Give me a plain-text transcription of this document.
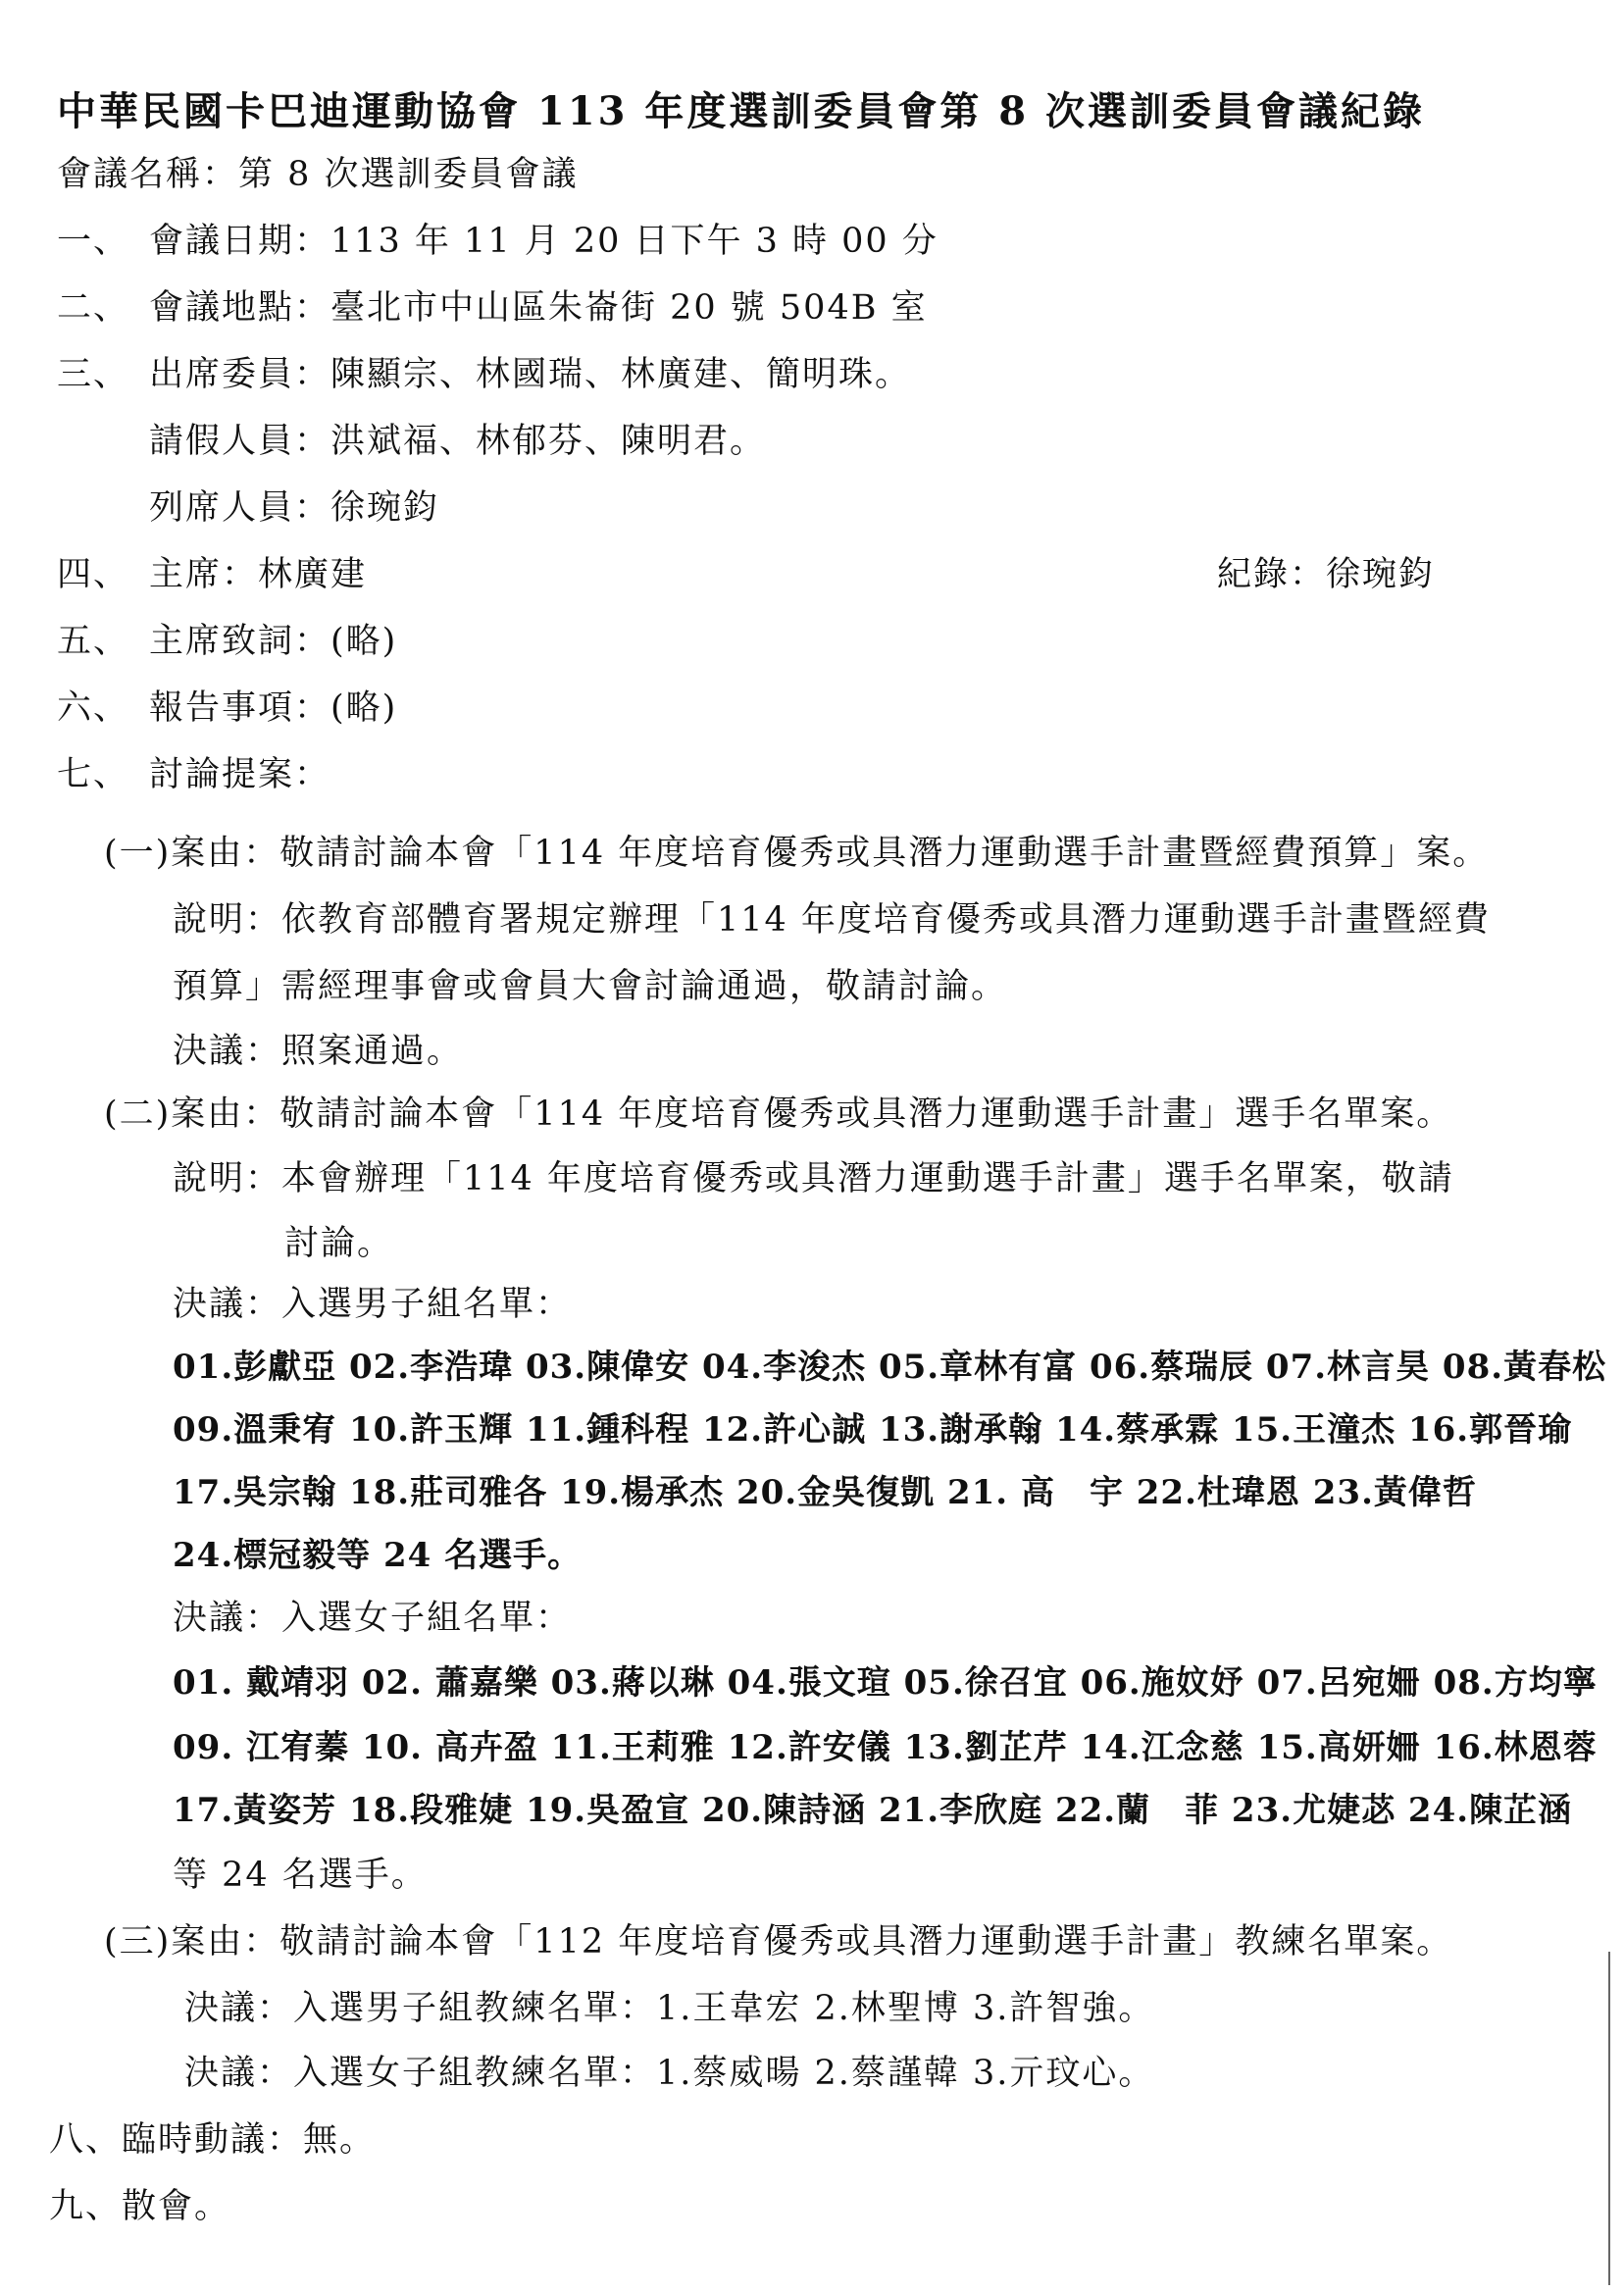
中華民國卡巴迪運動協會 113 年度選訓委員會第 8 次選訓委員會議紀錄
會議名稱：第 8 次選訓委員會議
一、 會議日期：113 年 11 月 20 日下午 3 時 00 分
二、 會議地點：臺北市中山區朱崙街 20 號 504B 室
三、 出席委員：陳顯宗、林國瑞、林廣建、簡明珠。
請假人員：洪斌福、林郁芬、陳明君。
列席人員：徐琬鈞
四、 主席：林廣建	紀錄：徐琬鈞
五、 主席致詞：(略)
六、 報告事項：(略)
七、 討論提案：
(一)案由：敬請討論本會「114 年度培育優秀或具潛力運動選手計畫暨經費預算」案。
說明：依教育部體育署規定辦理「114 年度培育優秀或具潛力運動選手計畫暨經費
預算」需經理事會或會員大會討論通過，敬請討論。
決議：照案通過。
(二)案由：敬請討論本會「114 年度培育優秀或具潛力運動選手計畫」選手名單案。
說明：本會辦理「114 年度培育優秀或具潛力運動選手計畫」選手名單案，敬請
討論。
決議：入選男子組名單：
01.彭獻亞 02.李浩瑋 03.陳偉安 04.李浚杰 05.章林有富 06.蔡瑞辰 07.林言昊 08.黃春松
09.溫秉宥 10.許玉輝 11.鍾科程 12.許心誠 13.謝承翰 14.蔡承霖 15.王潼杰 16.郭晉瑜
17.吳宗翰 18.莊司雅各 19.楊承杰 20.金吳復凱 21. 高　宇 22.杜瑋恩 23.黃偉哲
24.標冠毅等 24 名選手。
決議：入選女子組名單：
01. 戴靖羽 02. 蕭嘉樂 03.蔣以琳 04.張文瑄 05.徐召宜 06.施妏妤 07.呂宛姍 08.方均寧
09. 江宥蓁 10. 高卉盈 11.王莉雅 12.許安儀 13.劉芷芹 14.江念慈 15.高妍姍 16.林恩蓉
17.黃姿芳 18.段雅婕 19.吳盈宣 20.陳詩涵 21.李欣庭 22.蘭　菲 23.尤婕苾 24.陳芷涵
等 24 名選手。
(三)案由：敬請討論本會「112 年度培育優秀或具潛力運動選手計畫」教練名單案。
決議：入選男子組教練名單：1.王韋宏 2.林聖博 3.許智強。
決議：入選女子組教練名單：1.蔡威暘 2.蔡謹韓 3.亓玟心。
八、臨時動議：無。
九、散會。
